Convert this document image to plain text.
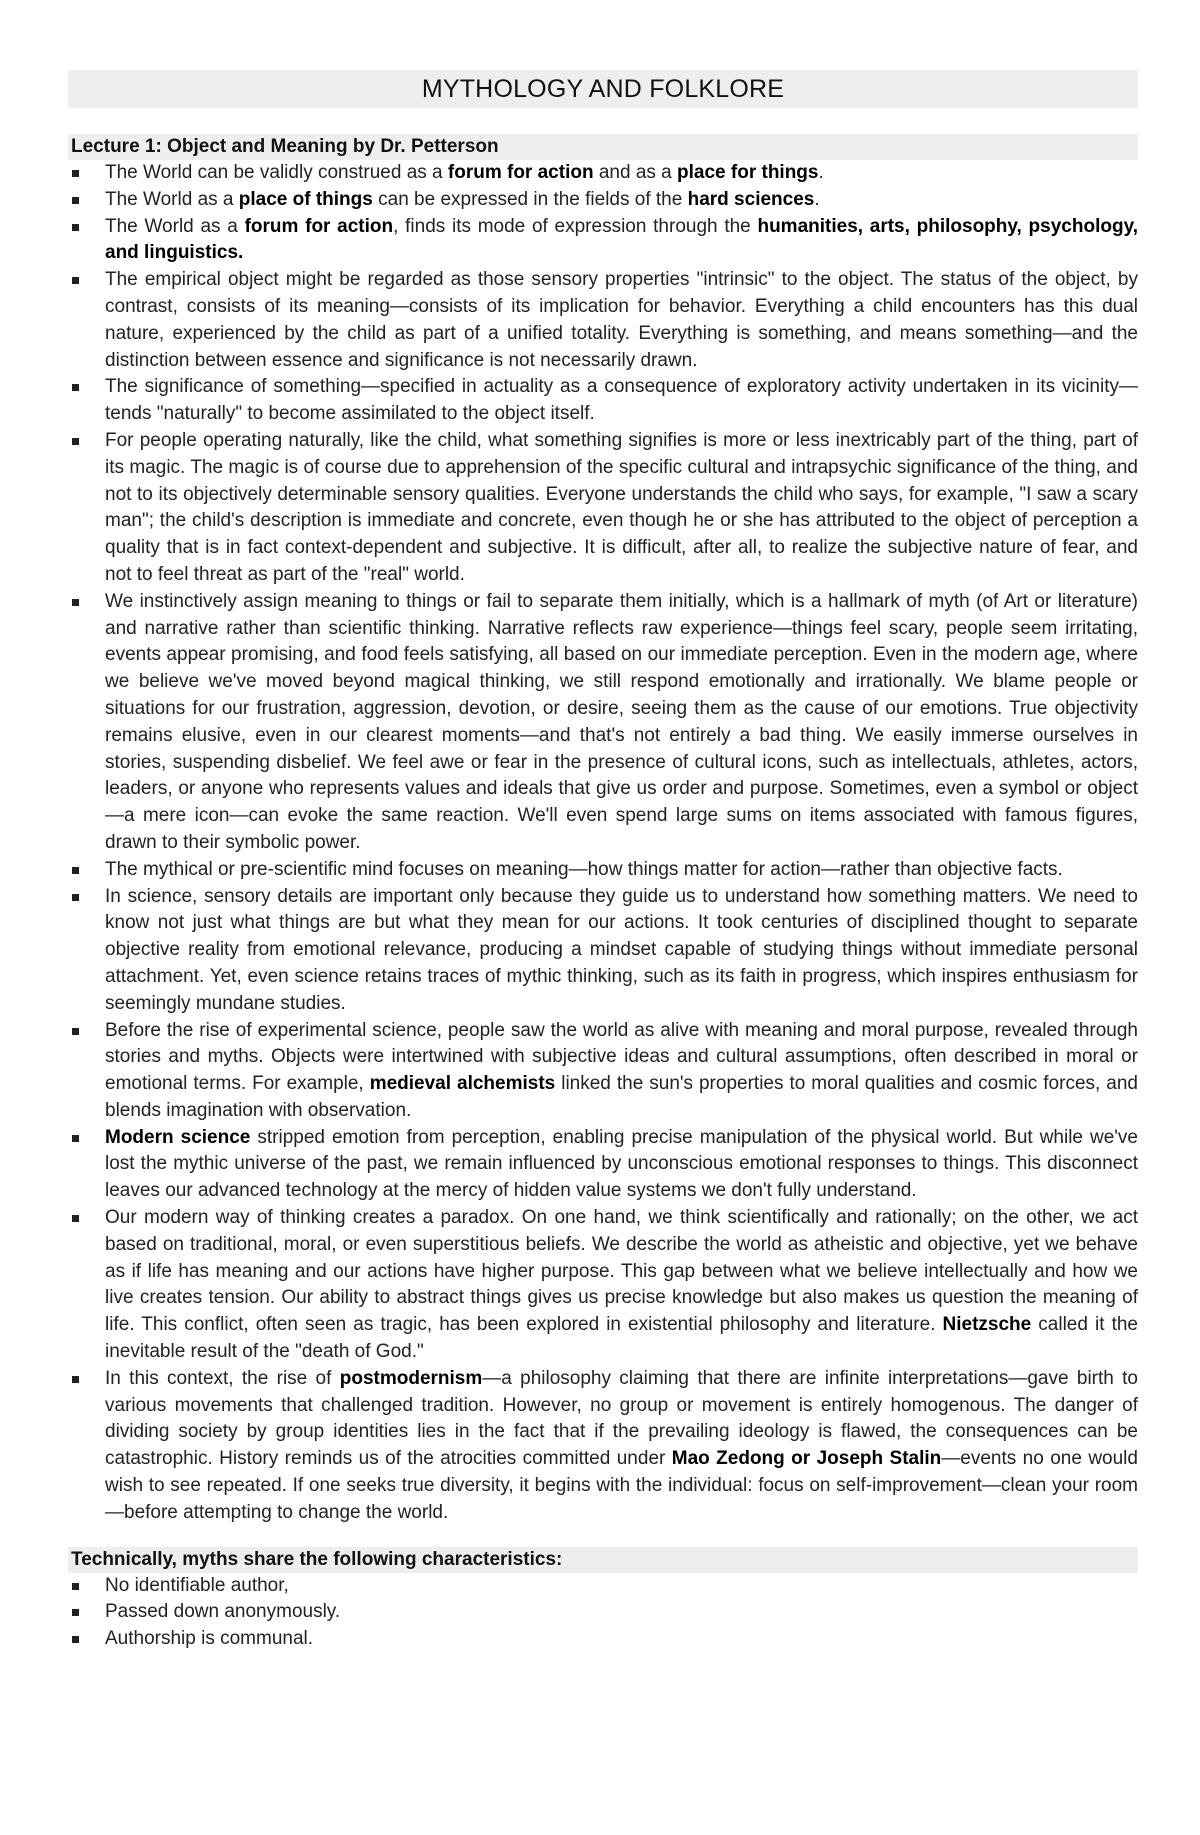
MYTHOLOGY AND FOLKLORE
Lecture 1: Object and Meaning by Dr. Petterson
The World can be validly construed as a forum for action and as a place for things.
The World as a place of things can be expressed in the fields of the hard sciences.
The World as a forum for action, finds its mode of expression through the humanities, arts, philosophy, psychology, and linguistics.
The empirical object might be regarded as those sensory properties "intrinsic" to the object. The status of the object, by contrast, consists of its meaning—consists of its implication for behavior. Everything a child encounters has this dual nature, experienced by the child as part of a unified totality. Everything is something, and means something—and the distinction between essence and significance is not necessarily drawn.
The significance of something—specified in actuality as a consequence of exploratory activity undertaken in its vicinity—tends "naturally" to become assimilated to the object itself.
For people operating naturally, like the child, what something signifies is more or less inextricably part of the thing, part of its magic. The magic is of course due to apprehension of the specific cultural and intrapsychic significance of the thing, and not to its objectively determinable sensory qualities. Everyone understands the child who says, for example, "I saw a scary man"; the child's description is immediate and concrete, even though he or she has attributed to the object of perception a quality that is in fact context-dependent and subjective. It is difficult, after all, to realize the subjective nature of fear, and not to feel threat as part of the "real" world.
We instinctively assign meaning to things or fail to separate them initially, which is a hallmark of myth (of Art or literature) and narrative rather than scientific thinking. Narrative reflects raw experience—things feel scary, people seem irritating, events appear promising, and food feels satisfying, all based on our immediate perception. Even in the modern age, where we believe we've moved beyond magical thinking, we still respond emotionally and irrationally. We blame people or situations for our frustration, aggression, devotion, or desire, seeing them as the cause of our emotions. True objectivity remains elusive, even in our clearest moments—and that's not entirely a bad thing. We easily immerse ourselves in stories, suspending disbelief. We feel awe or fear in the presence of cultural icons, such as intellectuals, athletes, actors, leaders, or anyone who represents values and ideals that give us order and purpose. Sometimes, even a symbol or object—a mere icon—can evoke the same reaction. We'll even spend large sums on items associated with famous figures, drawn to their symbolic power.
The mythical or pre-scientific mind focuses on meaning—how things matter for action—rather than objective facts.
In science, sensory details are important only because they guide us to understand how something matters. We need to know not just what things are but what they mean for our actions. It took centuries of disciplined thought to separate objective reality from emotional relevance, producing a mindset capable of studying things without immediate personal attachment. Yet, even science retains traces of mythic thinking, such as its faith in progress, which inspires enthusiasm for seemingly mundane studies.
Before the rise of experimental science, people saw the world as alive with meaning and moral purpose, revealed through stories and myths. Objects were intertwined with subjective ideas and cultural assumptions, often described in moral or emotional terms. For example, medieval alchemists linked the sun's properties to moral qualities and cosmic forces, and blends imagination with observation.
Modern science stripped emotion from perception, enabling precise manipulation of the physical world. But while we've lost the mythic universe of the past, we remain influenced by unconscious emotional responses to things. This disconnect leaves our advanced technology at the mercy of hidden value systems we don't fully understand.
Our modern way of thinking creates a paradox. On one hand, we think scientifically and rationally; on the other, we act based on traditional, moral, or even superstitious beliefs. We describe the world as atheistic and objective, yet we behave as if life has meaning and our actions have higher purpose. This gap between what we believe intellectually and how we live creates tension. Our ability to abstract things gives us precise knowledge but also makes us question the meaning of life. This conflict, often seen as tragic, has been explored in existential philosophy and literature. Nietzsche called it the inevitable result of the "death of God."
In this context, the rise of postmodernism—a philosophy claiming that there are infinite interpretations—gave birth to various movements that challenged tradition. However, no group or movement is entirely homogenous. The danger of dividing society by group identities lies in the fact that if the prevailing ideology is flawed, the consequences can be catastrophic. History reminds us of the atrocities committed under Mao Zedong or Joseph Stalin—events no one would wish to see repeated. If one seeks true diversity, it begins with the individual: focus on self-improvement—clean your room—before attempting to change the world.
Technically, myths share the following characteristics:
No identifiable author,
Passed down anonymously.
Authorship is communal.
